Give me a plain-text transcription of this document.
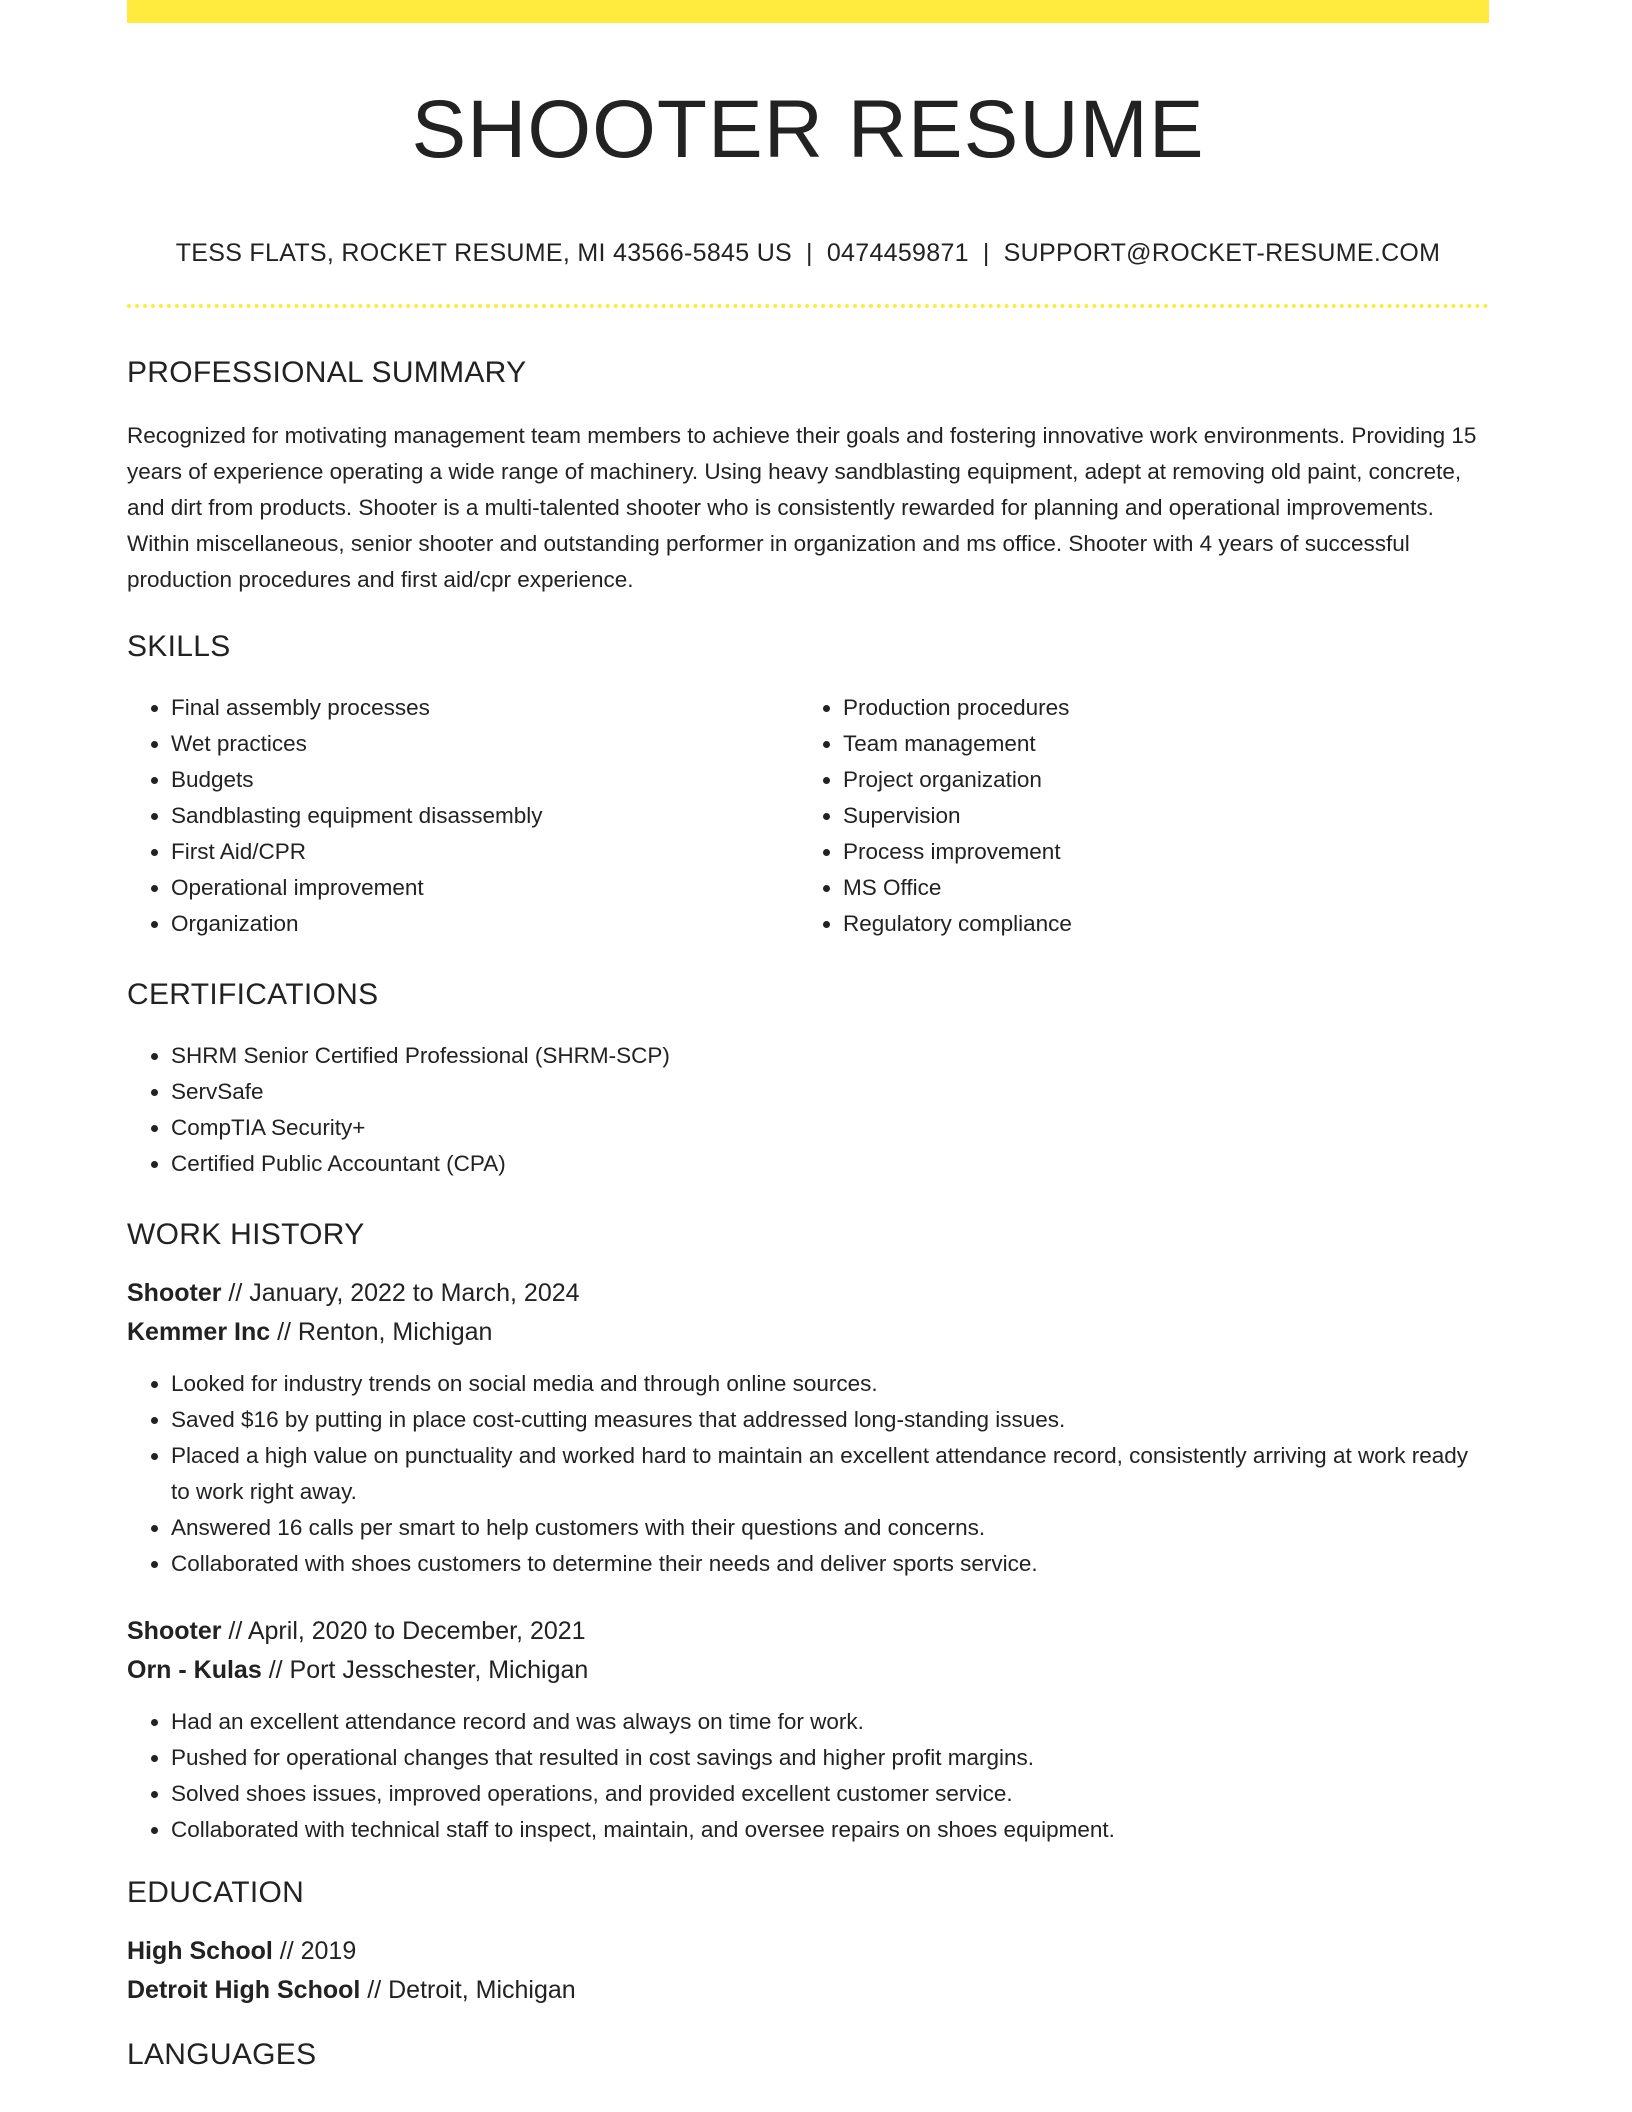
SHOOTER RESUME
TESS FLATS, ROCKET RESUME, MI 43566-5845 US | 0474459871 | SUPPORT@ROCKET-RESUME.COM
PROFESSIONAL SUMMARY

Recognized for motivating management team members to achieve their goals and fostering innovative work environments. Providing 15 years of experience operating a wide range of machinery. Using heavy sandblasting equipment, adept at removing old paint, concrete, and dirt from products. Shooter is a multi-talented shooter who is consistently rewarded for planning and operational improvements. Within miscellaneous, senior shooter and outstanding performer in organization and ms office. Shooter with 4 years of successful production procedures and first aid/cpr experience.

SKILLS
• Final assembly processes
• Wet practices
• Budgets
• Sandblasting equipment disassembly
• First Aid/CPR
• Operational improvement
• Organization
• Production procedures
• Team management
• Project organization
• Supervision
• Process improvement
• MS Office
• Regulatory compliance
CERTIFICATIONS
• SHRM Senior Certified Professional (SHRM-SCP)
• ServSafe
• CompTIA Security+
• Certified Public Accountant (CPA)
WORK HISTORY
Shooter // January, 2022 to March, 2024
Kemmer Inc // Renton, Michigan
• Looked for industry trends on social media and through online sources.
• Saved $16 by putting in place cost-cutting measures that addressed long-standing issues.
• Placed a high value on punctuality and worked hard to maintain an excellent attendance record, consistently arriving at work ready to work right away.
• Answered 16 calls per smart to help customers with their questions and concerns.
• Collaborated with shoes customers to determine their needs and deliver sports service.
Shooter // April, 2020 to December, 2021
Orn - Kulas // Port Jesschester, Michigan
• Had an excellent attendance record and was always on time for work.
• Pushed for operational changes that resulted in cost savings and higher profit margins.
• Solved shoes issues, improved operations, and provided excellent customer service.
• Collaborated with technical staff to inspect, maintain, and oversee repairs on shoes equipment.
EDUCATION
High School // 2019
Detroit High School // Detroit, Michigan
LANGUAGES
